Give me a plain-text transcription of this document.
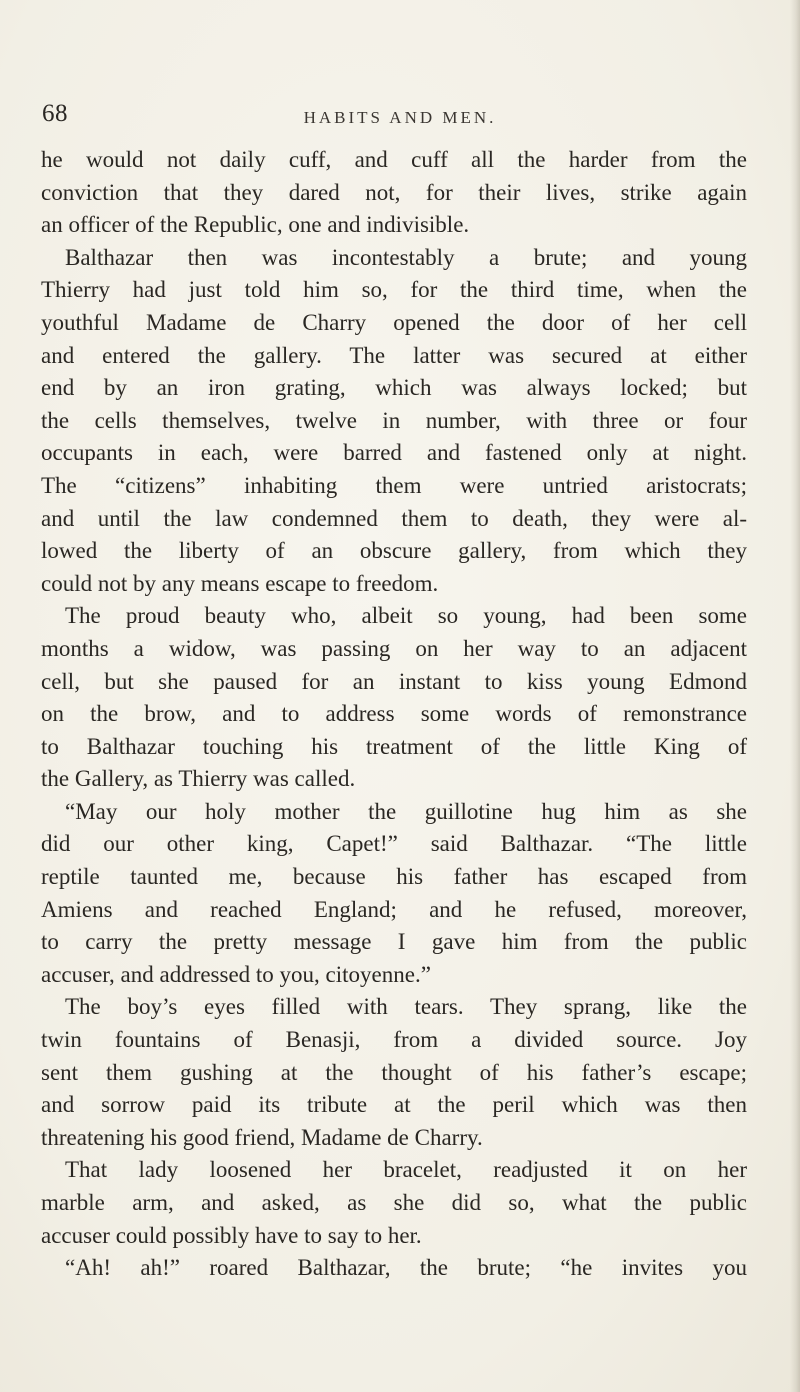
68	HABITS AND MEN.
he would not daily cuff, and cuff all the harder from the
conviction that they dared not, for their lives, strike again
an officer of the Republic, one and indivisible.
Balthazar then was incontestably a brute; and young
Thierry had just told him so, for the third time, when the
youthful Madame de Charry opened the door of her cell
and entered the gallery. The latter was secured at either
end by an iron grating, which was always locked; but
the cells themselves, twelve in number, with three or four
occupants in each, were barred and fastened only at night.
The “citizens” inhabiting them were untried aristocrats;
and until the law condemned them to death, they were al-
lowed the liberty of an obscure gallery, from which they
could not by any means escape to freedom.
The proud beauty who, albeit so young, had been some
months a widow, was passing on her way to an adjacent
cell, but she paused for an instant to kiss young Edmond
on the brow, and to address some words of remonstrance
to Balthazar touching his treatment of the little King of
the Gallery, as Thierry was called.
“May our holy mother the guillotine hug him as she
did our other king, Capet!” said Balthazar. “The little
reptile taunted me, because his father has escaped from
Amiens and reached England; and he refused, moreover,
to carry the pretty message I gave him from the public
accuser, and addressed to you, citoyenne.”
The boy’s eyes filled with tears. They sprang, like the
twin fountains of Benasji, from a divided source. Joy
sent them gushing at the thought of his father’s escape;
and sorrow paid its tribute at the peril which was then
threatening his good friend, Madame de Charry.
That lady loosened her bracelet, readjusted it on her
marble arm, and asked, as she did so, what the public
accuser could possibly have to say to her.
“Ah! ah!” roared Balthazar, the brute; “he invites you
